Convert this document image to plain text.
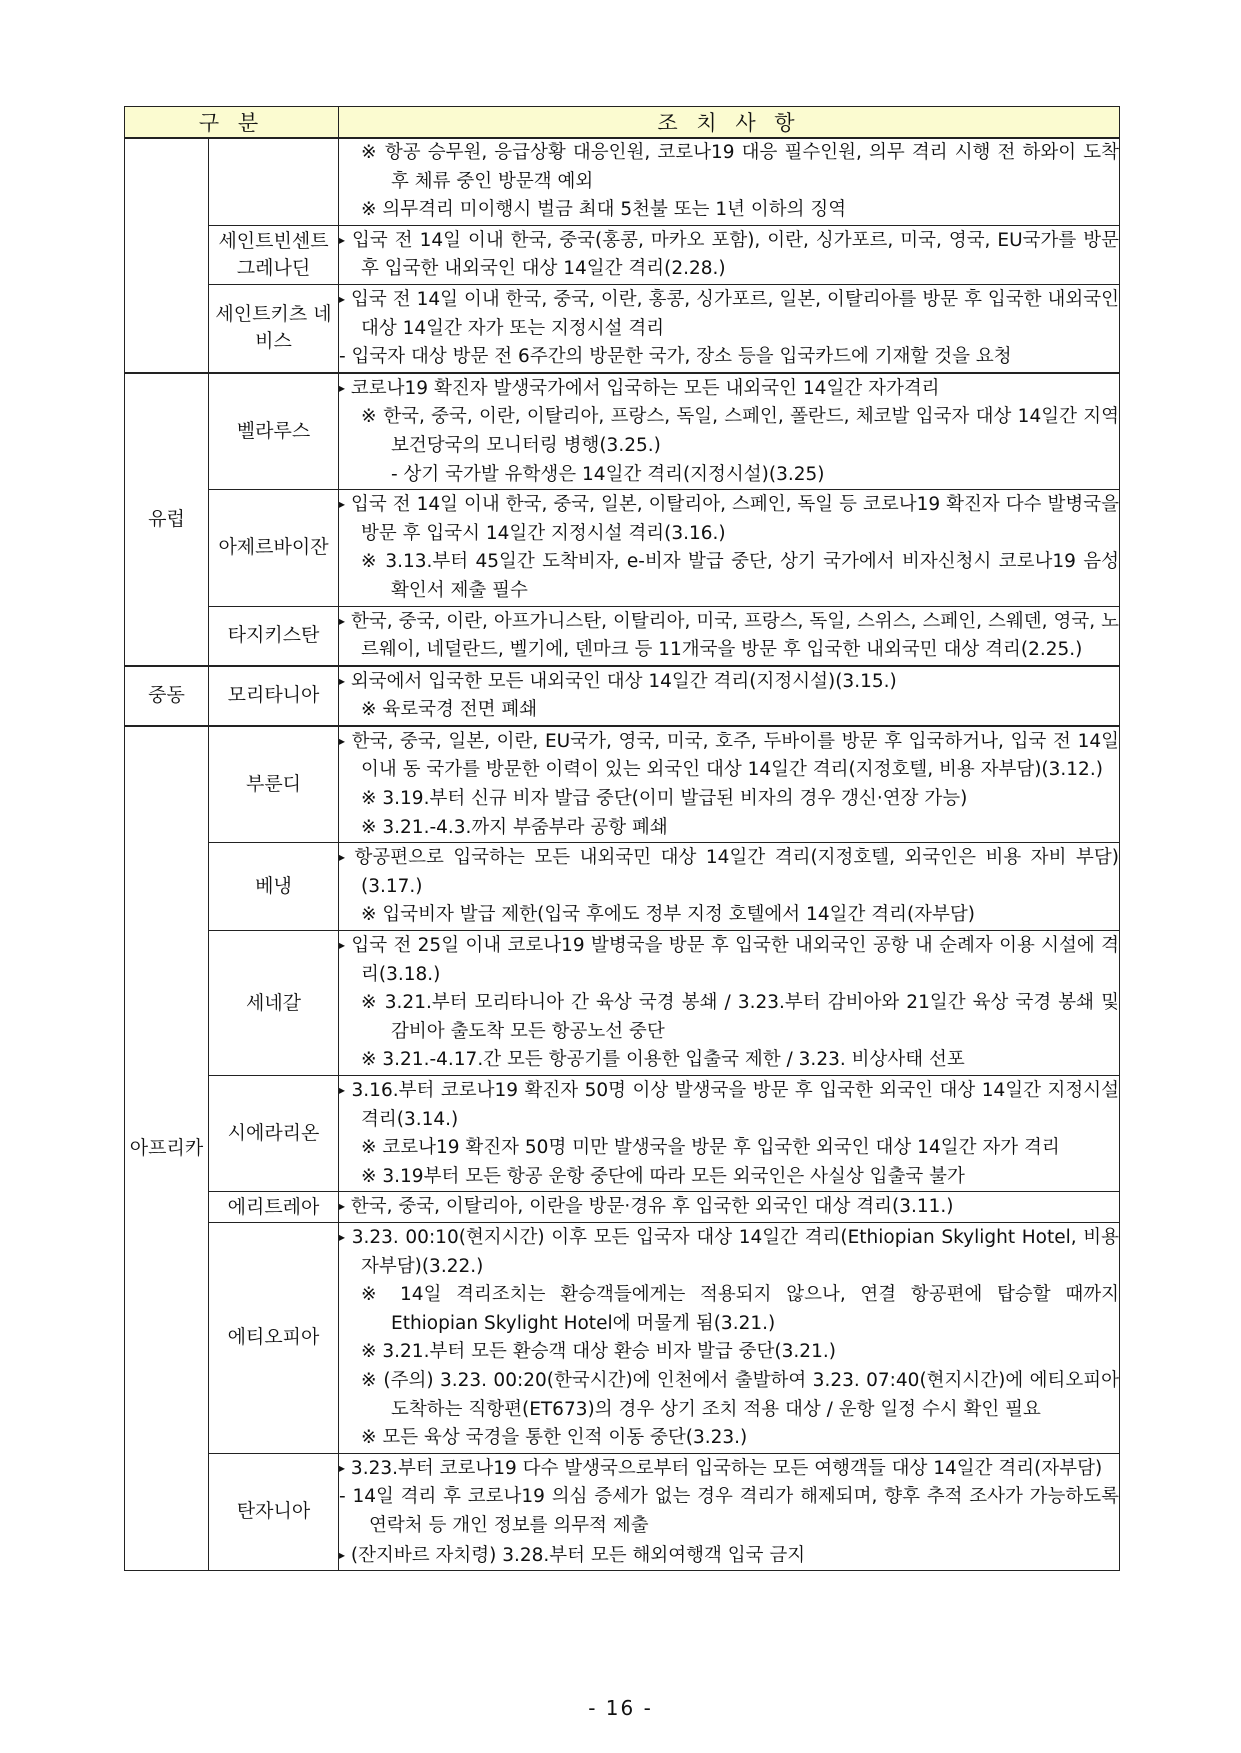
구 분		조 치 사 항

		※ 항공 승무원, 응급상황 대응인원, 코로나19 대응 필수인원, 의무 격리 시행 전 하와이 도착 후 체류 중인 방문객 예외
※ 의무격리 미이행시 벌금 최대 5천불 또는 1년 이하의 징역

	세인트빈센트 그레나딘	▸ 입국 전 14일 이내 한국, 중국(홍콩, 마카오 포함), 이란, 싱가포르, 미국, 영국, EU국가를 방문 후 입국한 내외국인 대상 14일간 격리(2.28.)

	세인트키츠 네비스	▸ 입국 전 14일 이내 한국, 중국, 이란, 홍콩, 싱가포르, 일본, 이탈리아를 방문 후 입국한 내외국인 대상 14일간 자가 또는 지정시설 격리
- 입국자 대상 방문 전 6주간의 방문한 국가, 장소 등을 입국카드에 기재할 것을 요청

유럽	벨라루스	▸ 코로나19 확진자 발생국가에서 입국하는 모든 내외국인 14일간 자가격리
※ 한국, 중국, 이란, 이탈리아, 프랑스, 독일, 스페인, 폴란드, 체코발 입국자 대상 14일간 지역보건당국의 모니터링 병행(3.25.)
- 상기 국가발 유학생은 14일간 격리(지정시설)(3.25)

	아제르바이잔	▸ 입국 전 14일 이내 한국, 중국, 일본, 이탈리아, 스페인, 독일 등 코로나19 확진자 다수 발병국을 방문 후 입국시 14일간 지정시설 격리(3.16.)
※ 3.13.부터 45일간 도착비자, e-비자 발급 중단, 상기 국가에서 비자신청시 코로나19 음성 확인서 제출 필수

	타지키스탄	▸ 한국, 중국, 이란, 아프가니스탄, 이탈리아, 미국, 프랑스, 독일, 스위스, 스페인, 스웨덴, 영국, 노르웨이, 네덜란드, 벨기에, 덴마크 등 11개국을 방문 후 입국한 내외국민 대상 격리(2.25.)

중동	모리타니아	▸ 외국에서 입국한 모든 내외국인 대상 14일간 격리(지정시설)(3.15.)
※ 육로국경 전면 폐쇄

아프리카	부룬디	▸ 한국, 중국, 일본, 이란, EU국가, 영국, 미국, 호주, 두바이를 방문 후 입국하거나, 입국 전 14일 이내 동 국가를 방문한 이력이 있는 외국인 대상 14일간 격리(지정호텔, 비용 자부담)(3.12.)
※ 3.19.부터 신규 비자 발급 중단(이미 발급된 비자의 경우 갱신·연장 가능)
※ 3.21.-4.3.까지 부줌부라 공항 폐쇄

	베냉	▸ 항공편으로 입국하는 모든 내외국민 대상 14일간 격리(지정호텔, 외국인은 비용 자비 부담)(3.17.)
※ 입국비자 발급 제한(입국 후에도 정부 지정 호텔에서 14일간 격리(자부담)

	세네갈	▸ 입국 전 25일 이내 코로나19 발병국을 방문 후 입국한 내외국인 공항 내 순례자 이용 시설에 격리(3.18.)
※ 3.21.부터 모리타니아 간 육상 국경 봉쇄 / 3.23.부터 감비아와 21일간 육상 국경 봉쇄 및 감비아 출도착 모든 항공노선 중단
※ 3.21.-4.17.간 모든 항공기를 이용한 입출국 제한 / 3.23. 비상사태 선포

	시에라리온	▸ 3.16.부터 코로나19 확진자 50명 이상 발생국을 방문 후 입국한 외국인 대상 14일간 지정시설 격리(3.14.)
※ 코로나19 확진자 50명 미만 발생국을 방문 후 입국한 외국인 대상 14일간 자가 격리
※ 3.19부터 모든 항공 운항 중단에 따라 모든 외국인은 사실상 입출국 불가

	에리트레아	▸ 한국, 중국, 이탈리아, 이란을 방문·경유 후 입국한 외국인 대상 격리(3.11.)

	에티오피아	▸ 3.23. 00:10(현지시간) 이후 모든 입국자 대상 14일간 격리(Ethiopian Skylight Hotel, 비용 자부담)(3.22.)
※ 14일 격리조치는 환승객들에게는 적용되지 않으나, 연결 항공편에 탑승할 때까지 Ethiopian Skylight Hotel에 머물게 됨(3.21.)
※ 3.21.부터 모든 환승객 대상 환승 비자 발급 중단(3.21.)
※ (주의) 3.23. 00:20(한국시간)에 인천에서 출발하여 3.23. 07:40(현지시간)에 에티오피아 도착하는 직항편(ET673)의 경우 상기 조치 적용 대상 / 운항 일정 수시 확인 필요
※ 모든 육상 국경을 통한 인적 이동 중단(3.23.)

	탄자니아	▸ 3.23.부터 코로나19 다수 발생국으로부터 입국하는 모든 여행객들 대상 14일간 격리(자부담)
- 14일 격리 후 코로나19 의심 증세가 없는 경우 격리가 해제되며, 향후 추적 조사가 가능하도록 연락처 등 개인 정보를 의무적 제출
▸ (잔지바르 자치령) 3.28.부터 모든 해외여행객 입국 금지
- 16 -
